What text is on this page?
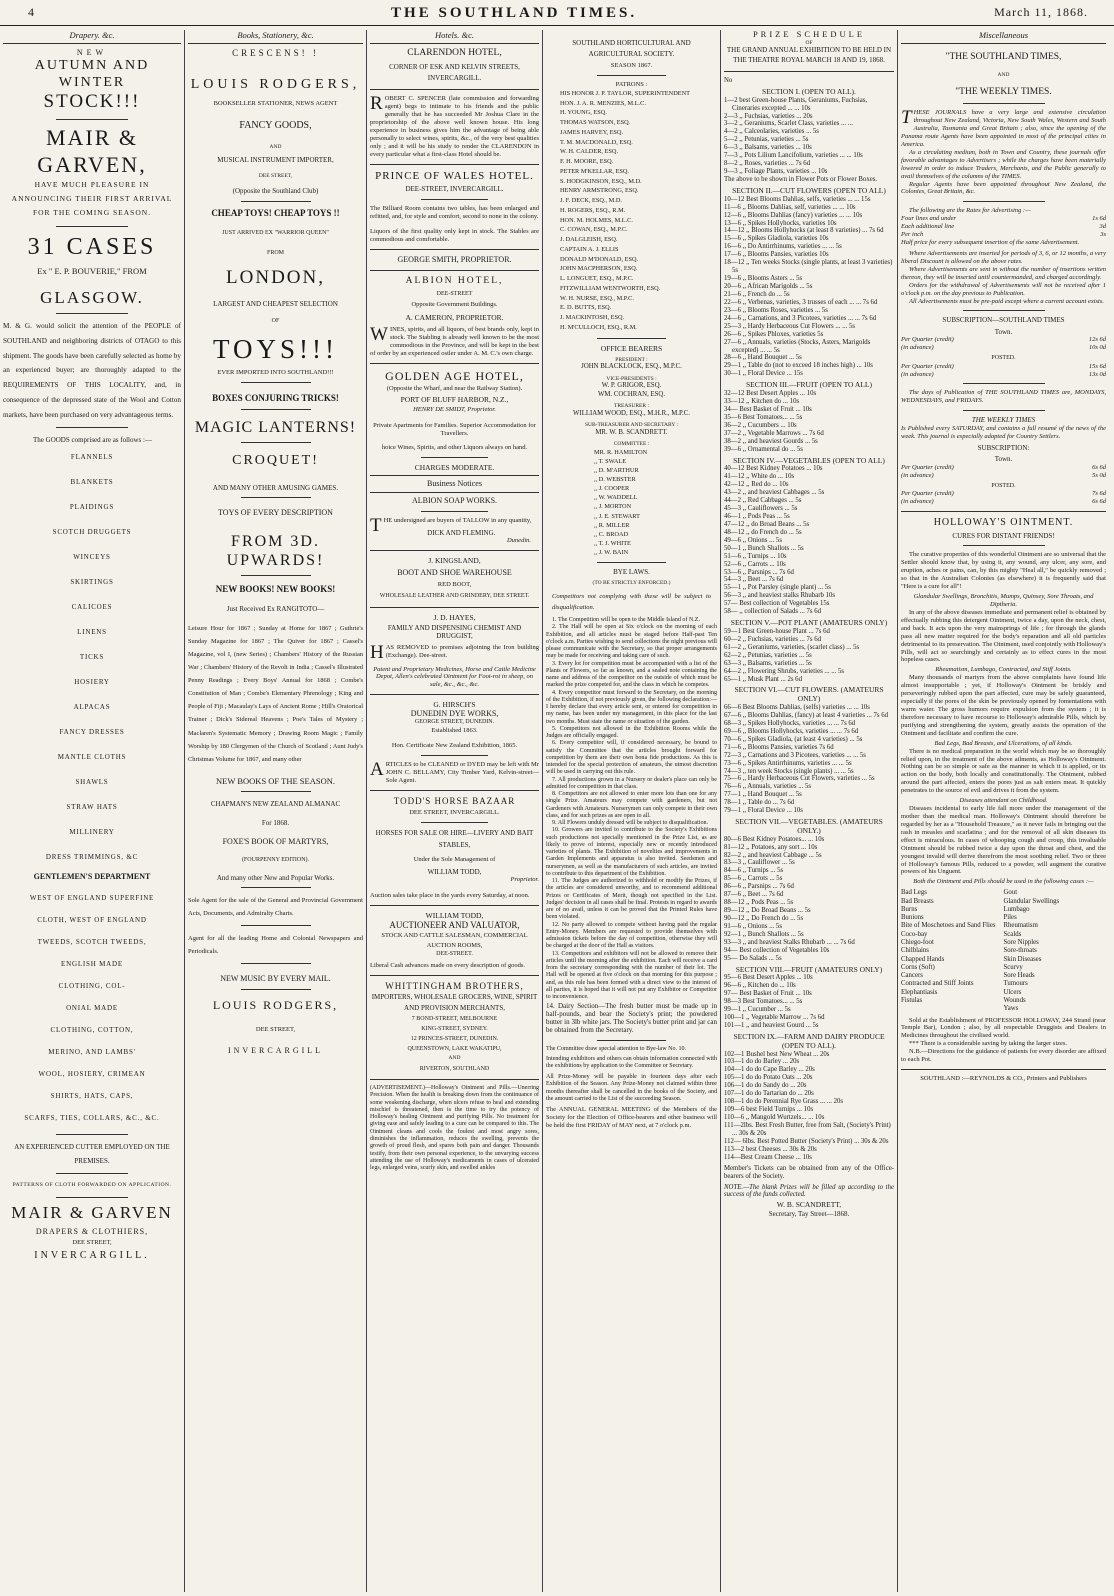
4	THE SOUTHLAND TIMES.	March 11, 1868.
Drapery. &c.
NEW
AUTUMN AND WINTER
STOCK!!!
MAIR & GARVEN,
HAVE MUCH PLEASURE IN ANNOUNCING THEIR FIRST ARRIVAL FOR THE COMING SEASON.
31 CASES
Ex " E. P. BOUVERIE," FROM
GLASGOW.
M. & G. would solicit the attention of the PEOPLE of SOUTHLAND and neighboring districts of OTAGO to this shipment. The goods have been carefully selected as home by an experienced buyer; are thoroughly adapted to the REQUIREMENTS OF THIS LOCALITY, and, in consequence of the depressed state of the Wool and Cotton markets, have been purchased on very advantageous terms.
The GOODS comprised are as follows :—
FLANNELS
BLANKETS
PLAIDINGS
SCOTCH DRUGGETS
WINCEYS
SKIRTINGS
CALICOES
LINENS
TICKS
HOSIERY
ALPACAS
FANCY DRESSES
MANTLE CLOTHS
SHAWLS
STRAW HATS
MILLINERY
DRESS TRIMMINGS, &C
GENTLEMEN'S DEPARTMENT
WEST OF ENGLAND SUPERFINE
CLOTH, WEST OF ENGLAND
TWEEDS, SCOTCH TWEEDS,
ENGLISH MADE
CLOTHING, COL-
ONIAL MADE
CLOTHING, COTTON,
MERINO, AND LAMBS'
WOOL, HOSIERY, CRIMEAN
SHIRTS, HATS, CAPS,
SCARFS, TIES, COLLARS, &C., &C.
AN EXPERIENCED CUTTER EMPLOYED ON THE PREMISES.
PATTERNS OF CLOTH FORWARDED ON APPLICATION.
MAIR & GARVEN
DRAPERS & CLOTHIERS,
DEE STREET,
INVERCARGILL.
Books, Stationery, &c.
CRESCENS! !
LOUIS RODGERS,
BOOKSELLER STATIONER, NEWS AGENT
FANCY GOODS,
AND
MUSICAL INSTRUMENT IMPORTER,
DEE STREET,
(Opposite the Southland Club)
CHEAP TOYS! CHEAP TOYS !!
JUST ARRIVED EX "WARRIOR QUEEN"
FROM
LONDON,
LARGEST AND CHEAPEST SELECTION
OF
TOYS!!!
EVER IMPORTED INTO SOUTHLAND!!!
BOXES CONJURING TRICKS!
MAGIC LANTERNS!
CROQUET!
AND MANY OTHER AMUSING GAMES.
TOYS OF EVERY DESCRIPTION
FROM 3D. UPWARDS!
NEW BOOKS! NEW BOOKS!
Just Received Ex RANGITOTO—
Leisure Hour for 1867 ; Sunday at Home for 1867 ; Guthrie's Sunday Magazine for 1867 ; The Quiver for 1867 ; Cassel's Magazine, vol I, (new Series) ; Chambers' History of the Russian War ; Chambers' History of the Revolt in India ; Cassel's Illustrated Penny Readings ; Every Boys' Annual for 1868 ; Combe's Constitution of Man ; Combe's Elementary Phrenology ; King and People of Fiji ; Macaulay's Lays of Ancient Rome ; Hill's Oratorical Trainer ; Dick's Sidereal Heavens ; Poe's Tales of Mystery ; Maclaren's Systematic Memory ; Drawing Room Magic ; Family Worship by 180 Clergymen of the Church of Scotland ; Aunt Judy's Christmas Volume for 1867, and many other
NEW BOOKS OF THE SEASON.
CHAPMAN'S NEW ZEALAND ALMANAC
For 1868.
FOXE'S BOOK OF MARTYRS,
(FOURPENNY EDITION).
And many other New and Popular Works.
Sole Agent for the sale of the General and Provincial Government Acts, Documents, and Admiralty Charts.
Agent for all the leading Home and Colonial Newspapers and Periodicals.
NEW MUSIC BY EVERY MAIL.
LOUIS RODGERS,
DEE STREET,
INVERCARGILL
Hotels. &c.
CLARENDON HOTEL,
CORNER OF ESK AND KELVIN STREETS, INVERCARGILL.
ROBERT C. SPENCER (late commission and forwarding agent) begs to intimate to his friends and the public generally that he has succeeded Mr Joshua Clare in the proprietorship of the above well known house. His long experience in business gives him the advantage of being able personally to select wines, spirits, &c., of the very best qualities only ; and it will be his study to render the CLARENDON in every particular what a first-class Hotel should be.
PRINCE OF WALES HOTEL.
DEE-STREET, INVERCARGILL.
The Billiard Room contains two tables, has been enlarged and refitted, and, for style and comfort, second to none in the colony.
Liquors of the first quality only kept in stock. The Stables are commodious and comfortable.
GEORGE SMITH, PROPRIETOR.
ALBION HOTEL,
DEE-STREET
Opposite Government Buildings.
A. CAMERON, PROPRIETOR.
WINES, spirits, and all liquors, of best brands only, kept in stock. The Stabling is already well known to be the most commodious in the Province, and will be kept in the best of order by an experienced ostler under A. M. C.'s own charge.
GOLDEN AGE HOTEL,
(Opposite the Wharf, and near the Railway Station).
PORT OF BLUFF HARBOR, N.Z.,
HENRY DE SMIDT, Proprietor.
Private Apartments for Families. Superior Accommodation for Travellers.
hoice Wines, Spirits, and other Liquors always on hand.
CHARGES MODERATE.
Business Notices
ALBION SOAP WORKS.
THE undersigned are buyers of TALLOW in any quantity,
DICK AND FLEMING.
Dunedin.
J. KINGSLAND,
BOOT AND SHOE WAREHOUSE
RED BOOT,
WHOLESALE LEATHER AND GRINDERY, DEE STREET.
J. D. HAYES,
FAMILY AND DISPENSING CHEMIST AND DRUGGIST,
HAS REMOVED to premises adjoining the Iron building (Exchange). Dee-street.
Patent and Proprietary Medicines, Horse and Cattle Medicine Depot, Allen's celebrated Ointment for Foot-rot in sheep, on sale, &c., &c., &c.
G. HIRSCH'S
DUNEDIN DYE WORKS,
GEORGE STREET, DUNEDIN.
Established 1863.
Hon. Certificate New Zealand Exhibition, 1865.
ARTICLES to be CLEANED or DYED may be left with Mr JOHN C. BELLAMY, City Timber Yard, Kelvin-street—Sole Agent.
TODD'S HORSE BAZAAR
DEE STREET, INVERCARGILL.
HORSES FOR SALE OR HIRE—LIVERY AND BAIT STABLES,
Under the Sole Management of
WILLIAM TODD,
Proprietor.
Auction sales take place in the yards every Saturday, at noon.
WILLIAM TODD,
AUCTIONEER AND VALUATOR,
STOCK AND CATTLE SALESMAN, COMMERCIAL AUCTION ROOMS,
DEE-STREET.
Liberal Cash advances made on every description of goods.
WHITTINGHAM BROTHERS,
IMPORTERS, WHOLESALE GROCERS, WINE, SPIRIT AND PROVISION MERCHANTS,
7 BOND-STREET, MELBOURNE
KING-STREET, SYDNEY.
12 PRINCES-STREET, DUNEDIN.
QUEENSTOWN, LAKE WAKATIPU,
AND
RIVERTON, SOUTHLAND
(ADVERTISEMENT.)—Holloway's Ointment and Pills.—Unerring Precision. When the health is breaking down from the continuance of some weakening discharge, when ulcers refuse to heal and extending mischief is threatened, then is the time to try the potency of Holloway's healing Ointment and purifying Pills. No treatment for giving ease and safely leading to a cure can be compared to this. The Ointment cleans and cools the foulest and most angry sores, diminishes the inflammation, reduces the swelling, prevents the growth of proud flesh, and spares both pain and danger. Thousands testify, from their own personal experience, to the unvarying success attending the use of Holloway's medicaments in cases of ulcerated legs, enlarged veins, scurfy skin, and swelled ankles
SOUTHLAND HORTICULTURAL AND AGRICULTURAL SOCIETY.
SEASON 1867.
PATRONS :
HIS HONOR J. P. TAYLOR, SUPERINTENDENT
HON. J. A. R. MENZIES, M.L.C.
H. YOUNG, ESQ.
THOMAS WATSON, ESQ.
JAMES HARVEY, ESQ.
T. M. MACDONALD, ESQ.
W. H. CALDER, ESQ.
F. H. MOORE, ESQ.
PETER M'KELLAR, ESQ.
S. HODGKINSON, ESQ., M.D.
HENRY ARMSTRONG, ESQ.
J. F. DECK, ESQ., M.D.
H. ROGERS, ESQ., R.M.
HON. M. HOLMES, M.L.C.
C. COWAN, ESQ., M.P.C.
J. DALGLEISH, ESQ.
CAPTAIN A. J. ELLIS
DONALD M'DONALD, ESQ.
JOHN MACPHERSON, ESQ.
L. LONGUET, ESQ., M.P.C.
FITZWILLIAM WENTWORTH, ESQ.
W. H. NURSE, ESQ., M.P.C.
E. D. BUTTS, ESQ.
J. MACKINTOSH, ESQ.
H. M'CULLOCH, ESQ., R.M.
OFFICE BEARERS
PRESIDENT :
JOHN BLACKLOCK, ESQ., M.P.C.
VICE-PRESIDENTS :
W. P. GRIGOR, ESQ.
WM. COCHRAN, ESQ.
TREASURER :
WILLIAM WOOD, ESQ., M.H.R., M.P.C.
SUB-TREASURER AND SECRETARY :
MR. W. B. SCANDRETT.
COMMITTEE :
MR. R. HAMILTON
,, T. SWALE
,, D. M'ARTHUR
,, D. WEBSTER
,, J. COOPER
,, W. WADDELL
,, J. MORTON
,, J. E. STEWART
,, R. MILLER
,, C. BROAD
,, T. J. WHITE
,, J. W. BAIN
BYE LAWS.
(TO BE STRICTLY ENFORCED.)
Competitors not complying with these will be subject to disqualification.
1. The Competition will be open to the Middle Island of N.Z.
2. The Hall will be open at Six o'clock on the morning of each Exhibition, and all articles must be staged before Half-past Ten o'clock a.m. Parties wishing to send collections the night previous will please communicate with the Secretary, so that proper arrangements may be made for receiving and taking care of such.
3. Every lot for competition must be accompanied with a list of the Plants or Flowers, so far as known, and a sealed note containing the name and address of the competitor on the outside of which must be marked the prize competed for, and the class in which he competes.
4. Every competitor must forward to the Secretary, on the morning of the Exhibition, if not previously given, the following declaration:—I hereby declare that every article sent, or entered for competition in my name, has been under my management, in this place for the last two months. Must state the name or situation of the garden.
5. Competitors not allowed in the Exhibition Rooms while the Judges are officially engaged.
6. Every competitor will, if considered necessary, be bound to satisfy the Committee that the articles brought forward for competition by them are their own bona fide productions. As this is intended for the special protection of amateurs, the utmost discretion will be used in carrying out this rule.
7. All productions grown in a Nursery or dealer's place can only be admitted for competition in that class.
8. Competitors are not allowed to enter more lots than one for any single Prize. Amateurs may compete with gardeners, but not Gardeners with Amateurs. Nurserymen can only compete in their own class, and for such prizes as are open to all.
9. All Flowers unduly dressed will be subject to disqualification.
10. Growers are invited to contribute to the Society's Exhibitions such productions not specially mentioned in the Prize List, as are likely to prove of interest, especially new or recently introduced varieties of plants. The Exhibition of novelties and improvements in Garden Implements and apparatus is also invited. Seedsmen and nurserymen, as well as the manufacturers of such articles, are invited to contribute to this department of the Exhibition.
11. The Judges are authorized to withhold or modify the Prizes, if the articles are considered unworthy, and to recommend additional Prizes or Certificates of Merit, though not specified in the List. Judges' decision in all cases shall be final. Protests in regard to awards are of no avail, unless it can be proved that the Printed Rules have been violated.
12. No party allowed to compete without having paid the regular Entry-Money. Members are requested to provide themselves with admission tickets before the day of competition, otherwise they will be charged at the door of the Hall as visitors.
13. Competitors and exhibitors will not be allowed to remove their articles until the morning after the exhibition. Each will receive a card from the secretary corresponding with the number of their lot. The Hall will be opened at five o'clock on that morning for this purpose ; and, as this rule has been formed with a direct view to the interest of all parties, it is hoped that it will not put any Exhibitor or Competitor to inconvenience.
14. Dairy Section—The fresh butter must be made up in half-pounds, and bear the Society's print; the powdered butter in 3lb white jars. The Society's butter print and jar can be obtained from the Secretary.
The Committee draw special attention to Bye-law No. 10.
Intending exhibitors and others can obtain information connected with the exhibitions by application to the Committee or Secretary.
All Prize-Money will be payable in fourteen days after each Exhibition of the Season. Any Prize-Money not claimed within three months thereafter shall be cancelled in the books of the Society, and the amount carried to the List of the succeeding Season.
The ANNUAL GENERAL MEETING of the Members of the Society for the Election of Office-bearers and other business will be held the first FRIDAY of MAY next, at 7 o'clock p.m.
PRIZE SCHEDULE
OF
THE GRAND ANNUAL EXHIBITION TO BE HELD IN THE THEATRE ROYAL MARCH 18 AND 19, 1868.
No
SECTION I. (OPEN TO ALL).
1—2 best Green-house Plants, Geraniums, Fuchsias, Cineraries excepted ... ... 10s
2—3 ,, Fuchsias, varieties ... 20s
3—2 ,, Geraniums, Scarlet Class, varieties ... ...
4—2 ,, Calceolaries, varieties ... 5s
5—2 ,, Petunias, varieties ... 5s
6—3 ,, Balsams, varieties ... 10s
7—3 ,, Pots Lilium Lancifolium, varieties ... ... 10s
8—2 ,, Roses, varieties ... 7s 6d
9—3 ,, Foliage Plants, varieties ... 10s
The above to be shown in Flower Pots or Flower Boxes.
SECTION II.—CUT FLOWERS (OPEN TO ALL)
10—12 Best Blooms Dahlias, selfs, varieties ... ... 15s
11—6 ,, Blooms Dahlias, self, varieties ... ... 10s
12—6 ,, Blooms Dahlias (fancy) varieties ... ... 10s
13—6 ,, Spikes Hollyhocks, varieties 10s
14—12 ,, Blooms Hollyhocks (at least 8 varieties) ... 7s 6d
15—6 ,, Spikes Gladiola, varieties 10s
16—6 ,, Do Antirrhinums, varieties ... ... 5s
17—6 ,, Blooms Pansies, varieties 10s
18—12 ,, Ten weeks Stocks (single plants, at least 3 varieties) 5s
19—6 ,, Blooms Asters ... 5s
20—6 ,, African Marigolds ... 5s
21—6 ,, French do ... 5s
22—6 ,, Verbenas, varieties, 3 trusses of each ... ... 7s 6d
23—6 ,, Blooms Roses, varieties ... 5s
24—6 ,, Carnations, and 3 Picotees, varieties ... ... 7s 6d
25—3 ,, Hardy Herbaceous Cut Flowers ... ... 5s
26—6 ,, Spikes Phloxes, varieties 5s
27—6 ,, Annuals, varieties (Stocks, Asters, Marigolds excepted) ... ... 5s
28—6 ,, Hand Bouquet ... 5s
29—1 ,, Table do (not to exceed 18 inches high) ... 10s
30—1 ,, Floral Device ... 15s
SECTION III.—FRUIT (OPEN TO ALL)
32—12 Best Desert Apples ... 10s
33—12 ,, Kitchen do ... 10s
34— Best Basket of Fruit ... 10s
35—6 Best Tomatoes... ... 5s
36—2 ,, Cucumbers ... 10s
37—2 ,, Vegetable Marrows ... 7s 6d
38—2 ,, and heaviest Gourds ... 5s
39—6 ,, Ornamental do ... 5s
SECTION IV.—VEGETABLES (OPEN TO ALL)
40—12 Best Kidney Potatoes ... 10s
41—12 ,, White do ... 10s
42—12 ,, Red do ... 10s
43—2 ,, and heaviest Cabbages ... 5s
44—2 ,, Red Cabbages ... 5s
45—3 ,, Cauliflowers ... 5s
46—1 ,, Pods Peas ... 5s
47—12 ,, do Broad Beans ... 5s
48—12 ,, do French do ... 5s
49—6 ,, Onions ... 5s
50—1 ,, Bunch Shallots ... 5s
51—6 ,, Turnips ... 10s
52—6 ,, Carrots ... 10s
53—6 ,, Parsnips ... 7s 6d
54—3 ,, Beet ... 7s 6d
55—1 ,, Pot Parsley (single plant) ... 5s
56—3 ,, and heaviest stalks Rhubarb 10s
57— Best collection of Vegetables 15s
58— ,, collection of Salads ... 7s 6d
SECTION V.—POT PLANT (AMATEURS ONLY)
59—1 Best Green-house Plant ... 7s 6d
60—2 ,, Fuchsias, varieties ... 7s 6d
61—2 ,, Geraniums, varieties, (scarlet class) ... 5s
62—2 ,, Petunias, varieties ... 5s
63—3 ,, Balsams, varieties ... 5s
64—2 ,, Flowering Shrubs, varieties ... ... 5s
65—1 ,, Musk Plant ... 2s 6d
SECTION VI.—CUT FLOWERS. (AMATEURS ONLY)
66—6 Best Blooms Dahlias, (selfs) varieties ... ... 10s
67—6 ,, Blooms Dahlias, (fancy) at least 4 varieties ... 7s 6d
68—3 ,, Spikes Hollyhocks, varieties ... ... 7s 6d
69—6 ,, Blooms Hollyhocks, varieties ... ... 7s 6d
70—6 ,, Spikes Gladiola, (at least 4 varieties) ... 5s
71—6 ,, Blooms Pansies, varieties 7s 6d
72—3 ,, Carnations and 3 Picotees, varieties ... ... 5s
73—6 ,, Spikes Antirrhinums, varieties ... ... 5s
74—3 ,, ten week Stocks (single plants) ... ... 5s
75—6 ,, Hardy Herbaceous Cut Flowers, varieties ... 5s
76—6 ,, Annuals, varieties ... 5s
77—1 ,, Hand Bouquet ... 5s
78—1 ,, Table do ... 7s 6d
79—1 ,, Floral Device ... 10s
SECTION VII.—VEGETABLES. (AMATEURS ONLY.)
80—6 Best Kidney Potatoes... ... 10s
81—12 ,, Potatoes, any sort ... 10s
82—2 ,, and heaviest Cabbage ... 5s
83—3 ,, Cauliflower ... 5s
84—6 ,, Turnips ... 5s
85—6 ,, Carrots ... 5s
86—6 ,, Parsnips ... 7s 6d
87—6 ,, Beet ... 7s 6d
88—12 ,, Pods Peas ... 5s
89—12 ,, Do Broad Beans ... 5s
90—12 ,, Do French do ... 5s
91—6 ,, Onions ... 5s
92—1 ,, Bunch Shallots ... 5s
93—3 ,, and heaviest Stalks Rhubarb ... ... 7s 6d
94— Best collection of Vegetables 10s
95— Do Salads ... 5s
SECTION VIII.—FRUIT (AMATEURS ONLY)
95—6 Best Desert Apples ... 10s
96—6 ,, Kitchen do ... 10s
97— Best Basket of Fruit ... 10s
98—3 Best Tomatoes... ... 5s
99—1 ,, Cucumber ... 5s
100—1 ,, Vegetable Marrow ... 7s 6d
101—1 ,, and heaviest Gourd ... 5s
SECTION IX.—FARM AND DAIRY PRODUCE (OPEN TO ALL).
102—1 Bushel best New Wheat ... 20s
103—1 do do Barley ... 20s
104—1 do do Cape Barley ... 20s
105—1 do do Potato Oats ... 20s
106—1 do do Sandy do ... 20s
107—1 do do Tartarian do ... 20s
108—1 do do Perennial Rye Grass ... ... 20s
109—6 best Field Turnips ... 10s
110—6 ,, Mangold Wurtzels... ... 10s
111—2lbs. Best Fresh Butter, free from Salt, (Society's Print) ... 30s & 20s
112— 6lbs. Best Potted Butter (Society's Print) ... 30s & 20s
113—2 best Cheeses ... 30s & 20s
114—Best Cream Cheese ... 10s
Member's Tickets can be obtained from any of the Office-bearers of the Society.
NOTE.—The blank Prizes will be filled up according to the success of the funds collected.
W. B. SCANDRETT,
Secretary, Tay Street—1868.
Miscellaneous
"THE SOUTHLAND TIMES,
AND
"THE WEEKLY TIMES.
THESE JOURNALS have a very large and extensive circulation throughout New Zealand, Victoria, New South Wales, Western and South Australia, Tasmania and Great Britain ; also, since the opening of the Panama route Agents have been appointed in most of the principal cities in America.
As a circulating medium, both in Town and Country, these journals offer favorable advantages to Advertisers ; while the charges have been materially lowered in order to induce Traders, Merchants, and the Public generally to avail themselves of the columns of the TIMES.
Regular Agents have been appointed throughout New Zealand, the Colonies, Great Britain, &c.
The following are the Rates for Advertising :—
Four lines and under	1s 6d
Each additional line	3d
Per inch	3s
Half price for every subsequent insertion of the same Advertisement.
Where Advertisements are inserted for periods of 3, 6, or 12 months, a very liberal Discount is allowed on the above rates.
Where Advertisements are sent in without the number of insertions written thereon, they will be inserted until countermanded, and charged accordingly.
Orders for the withdrawal of Advertisements will not be received after 1 o'clock p.m. on the day previous to Publication.
All Advertisements must be pre-paid except where a current account exists.
SUBSCRIPTION—SOUTHLAND TIMES
Town.
Per Quarter (credit)	12s 6d
(in advance)	10s 0d
POSTED.
Per Quarter (credit)	15s 6d
(in advance)	13s 0d
The days of Publication of THE SOUTHLAND TIMES are, MONDAYS, WEDNESDAYS, and FRIDAYS.
THE WEEKLY TIMES
Is Published every SATURDAY, and contains a full resumé of the news of the week. This journal is especially adapted for Country Settlers.
SUBSCRIPTION:
Town.
Per Quarter (credit)	6s 6d
(in advance)	5s 0d
POSTED.
Per Quarter (credit)	7s 6d
(in advance)	6s 6d
HOLLOWAY'S OINTMENT.
CURES FOR DISTANT FRIENDS!
The curative properties of this wonderful Ointment are so universal that the Settler should know that, by using it, any wound, any ulcer, any sore, and eruption, aches or pains, can, by this mighty "Heal all," be quickly removed ; so that in the Australian Colonies (as elsewhere) it is frequently said that "Here is a cure for all"!
Glandular Swellings, Bronchitis, Mumps, Quinsey, Sore Throats, and Diptheria.
In any of the above diseases immediate and permanent relief is obtained by effectually rubbing this detergent Ointment, twice a day, upon the neck, chest, and back. It acts upon the very mainsprings of life ; for through the glands pass all new matter required for the body's reparation and all old particles detrimental to its preservation. The Ointment, used conjointly with Holloway's Pills, will act so searchingly and certainly as to effect cures in the most hopeless cases.
Rheumatism, Lumbago, Contracted, and Stiff Joints.
Many thousands of martyrs from the above complaints have found life almost insupportable ; yet, if Holloway's Ointment be briskly and perseveringly rubbed upon the part affected, cure may be safely guaranteed, especially if the pores of the skin be previously opened by fomentations with warm water. The gross humors require expulsion from the system ; it is therefore necessary to have recourse to Holloway's admirable Pills, which by purifying and strengthening the system, greatly assists the operation of the Ointment and facilitate and confirm the cure.
Bad Legs, Bad Breasts, and Ulcerations, of all kinds.
There is no medical preparation in the world which may be so thoroughly relied upon, in the treatment of the above ailments, as Holloway's Ointment. Nothing can be so simple or safe as the manner in which it is applied, or its action on the body, both locally and constitutionally. The Ointment, rubbed around the part affected, enters the pores just as salt enters meat. It quickly penetrates to the source of evil and drives it from the system.
Diseases attendant on Childhood.
Diseases incidental to early life fall more under the management of the mother than the medical man. Holloway's Ointment should therefore be regarded by her as a "Household Treasure," as it never fails in bringing out the rash in measles and scarlatina ; and for the removal of all skin diseases its effect is miraculous. In cases of whooping cough and croup, this invaluable Ointment should be rubbed twice a day upon the throat and chest, and the youngest invalid will derive therefrom the most soothing relief. Two or three of Holloway's famous Pills, reduced to a powder, will augment the curative powers of his Unguent.
Both the Ointment and Pills should be used in the following cases :—
Bad Legs
Bad Breasts
Burns
Bunions
Bite of Moschetoes and Sand Flies
Coco-bay
Chiego-foot
Chilblains
Chapped Hands
Corns (Soft)
Cancers
Contracted and Stiff Joints
Elephantiasis
Fistulas
Gout
Glandular Swellings
Lumbago
Piles
Rheumatism
Scalds
Sore Nipples
Sore-throats
Skin Diseases
Scurvy
Sore Heads
Tumours
Ulcers
Wounds
Yaws
Sold at the Establishment of PROFESSOR HOLLOWAY, 244 Strand (near Temple Bar), London ; also, by all respectable Druggists and Dealers in Medicines throughout the civilised world.
*** There is a considerable saving by taking the larger sizes.
N.B.—Directions for the guidance of patients for every disorder are affixed to each Pot.
SOUTHLAND :—REYNOLDS & CO., Printers and Publishers
